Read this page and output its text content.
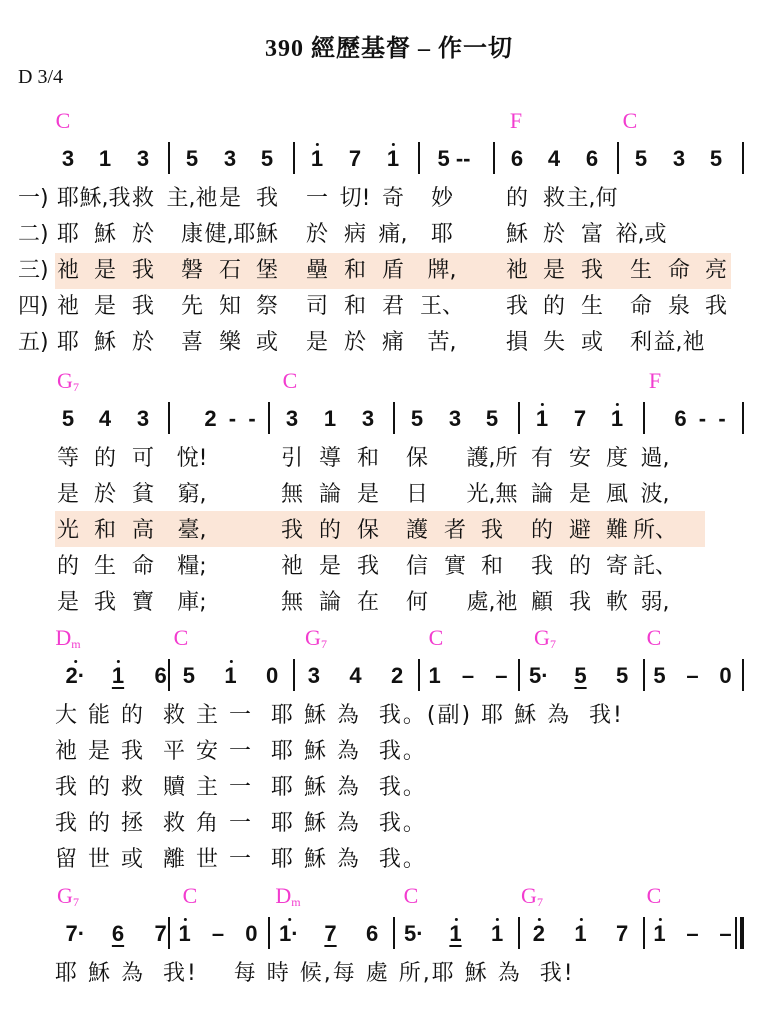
390 經歷基督 – 作一切
D 3/4
C	F	C
3 1 3 5 3 5 1 7 1 5 -- 6 4 6 5 3 5
一) 耶 穌,我 救 主,祂 是 我 一 切! 奇 妙 的 救 主,何
二) 耶 穌 於 康 健,耶 穌 於 病 痛, 耶 穌 於 富 裕,或
三) 祂 是 我 磐 石 堡 壘 和 盾 牌, 祂 是 我 生 命 亮
四) 祂 是 我 先 知 祭 司 和 君 王、 我 的 生 命 泉 我
五) 耶 穌 於 喜 樂 或 是 於 痛 苦, 損 失 或 利 益,祂
$G_7$	C	F
5 4 3	2  -  - 3 1 3 5 3 5 1 7 1 6  -  -
等 的 可 悅!	引 導 和 保 護,所 有 安 度 過,
是 於 貧 窮,	無 論 是 日 光,無 論 是 風 波,
光 和 高 臺,	我 的 保 護 者 我 的 避 難 所、
的 生 命 糧;	祂 是 我 信 實 和 我 的 寄 託、
是 我 寶 庫;	無 論 在 何 處,祂 顧 我 軟 弱,
$D_m$	C	$G_7$	C	$G_7$	C
2· 1 6 5 1 0 3 4 2 1 – – 5· 5 5 5 – 0
大 能 的  救 主 一  耶 穌 為  我。(副) 耶 穌 為  我!
祂 是 我  平 安 一  耶 穌 為  我。
我 的 救  贖 主 一  耶 穌 為  我。
我 的 拯  救 角 一  耶 穌 為  我。
留 世 或  離 世 一  耶 穌 為  我。
$G_7$	C	$D_m$	C	$G_7$	C
7· 6 7 1 – 0 1· 7 6 5· 1 1 2 1 7 1 – –
耶 穌 為  我!    每 時 候,每 處 所,耶 穌 為  我!
